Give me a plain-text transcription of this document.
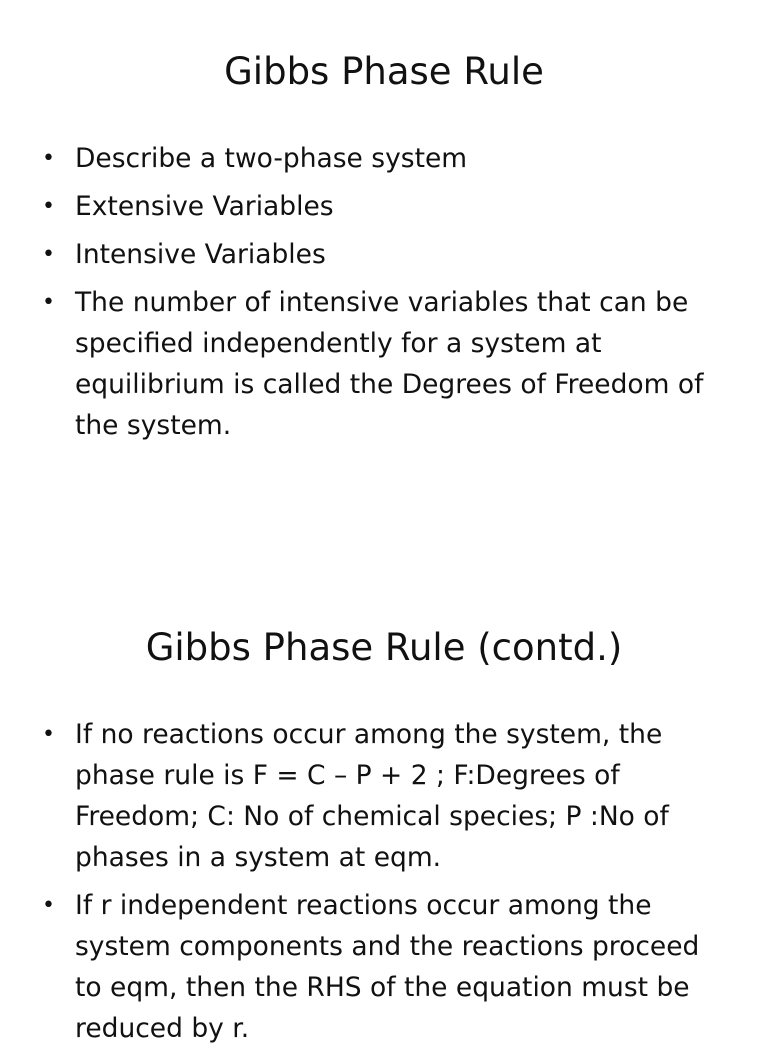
Gibbs Phase Rule
• Describe a two-phase system
• Extensive Variables
• Intensive Variables
• The number of intensive variables that can be specified independently for a system at equilibrium is called the Degrees of Freedom of the system.
Gibbs Phase Rule (contd.)
• If no reactions occur among the system, the phase rule is F = C – P + 2 ; F:Degrees of Freedom; C: No of chemical species; P :No of phases in a system at eqm.
• If r independent reactions occur among the system components and the reactions proceed to eqm, then the RHS of the equation must be reduced by r.
